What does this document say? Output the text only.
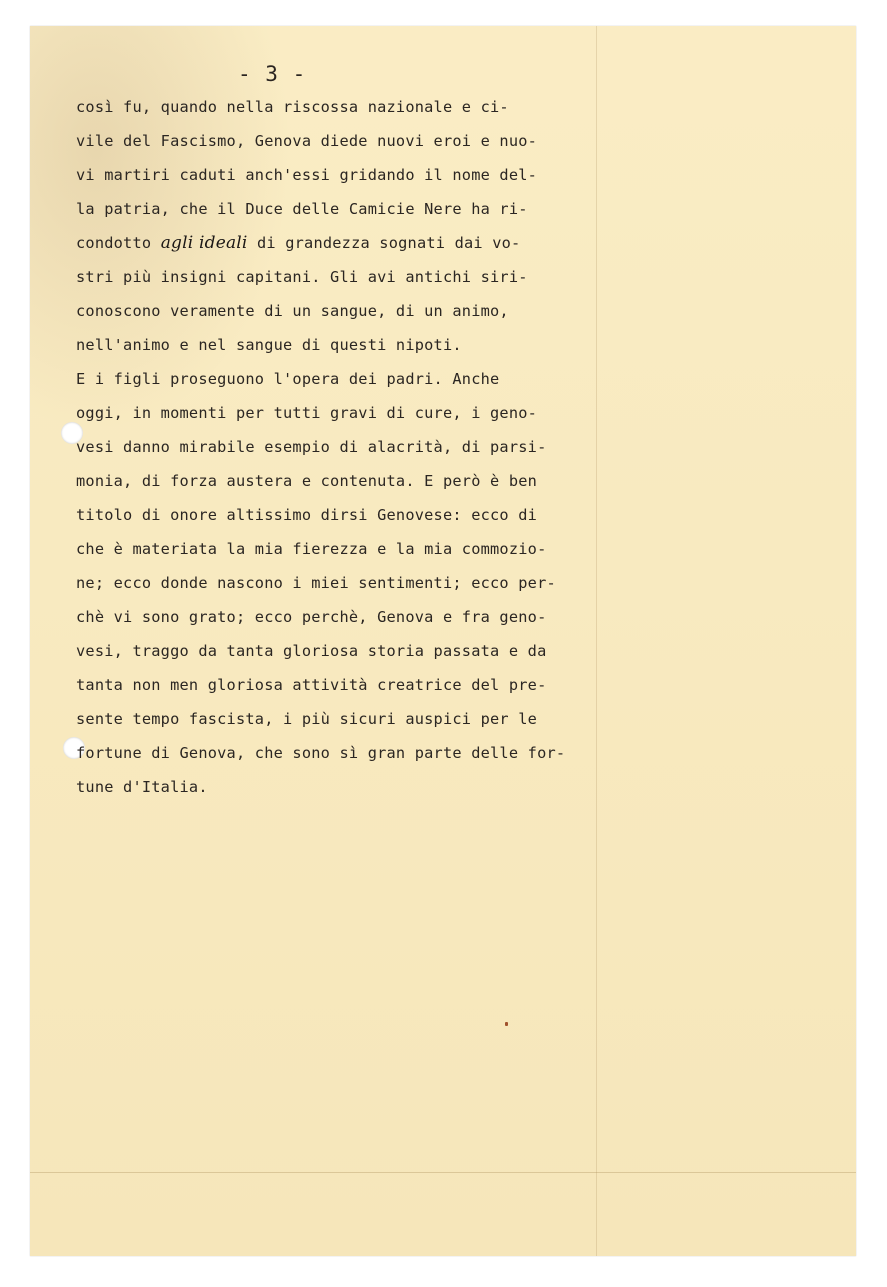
- 3 -
così fu, quando nella riscossa nazionale e ci-
vile del Fascismo, Genova diede nuovi eroi e nuo-
vi martiri caduti anch'essi gridando il nome del-
la patria, che il Duce delle Camicie Nere ha ri-
condotto agli ideali di grandezza sognati dai vo-
stri più insigni capitani. Gli avi antichi siri-
conoscono veramente di un sangue, di un animo,
nell'animo e nel sangue di questi nipoti.
E i figli proseguono l'opera dei padri. Anche
oggi, in momenti per tutti gravi di cure, i geno-
vesi danno mirabile esempio di alacrità, di parsi-
monia, di forza austera e contenuta. E però è ben
titolo di onore altissimo dirsi Genovese: ecco di
che è materiata la mia fierezza e la mia commozio-
ne; ecco donde nascono i miei sentimenti; ecco per-
chè vi sono grato; ecco perchè, Genova e fra geno-
vesi, traggo da tanta gloriosa storia passata e da
tanta non men gloriosa attività creatrice del pre-
sente tempo fascista, i più sicuri auspici per le
fortune di Genova, che sono sì gran parte delle for-
tune d'Italia.
